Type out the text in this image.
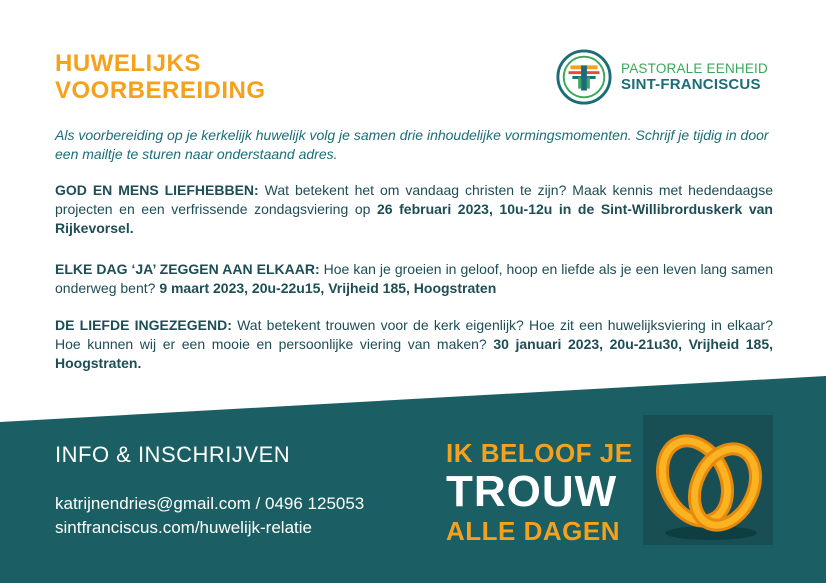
HUWELIJKS
VOORBEREIDING
PASTORALE EENHEID
SINT-FRANCISCUS

Als voorbereiding op je kerkelijk huwelijk volg je samen drie inhoudelijke vormingsmomenten. Schrijf je tijdig in door een mailtje te sturen naar onderstaand adres.

GOD EN MENS LIEFHEBBEN: Wat betekent het om vandaag christen te zijn? Maak kennis met hedendaagse projecten en een verfrissende zondagsviering op 26 februari 2023, 10u-12u in de Sint-Willibrorduskerk van Rijkevorsel.

ELKE DAG ‘JA’ ZEGGEN AAN ELKAAR: Hoe kan je groeien in geloof, hoop en liefde als je een leven lang samen onderweg bent? 9 maart 2023, 20u-22u15, Vrijheid 185, Hoogstraten

DE LIEFDE INGEZEGEND: Wat betekent trouwen voor de kerk eigenlijk? Hoe zit een huwelijksviering in elkaar? Hoe kunnen wij er een mooie en persoonlijke viering van maken? 30 januari 2023, 20u-21u30, Vrijheid 185, Hoogstraten.

INFO & INSCHRIJVEN
katrijnendries@gmail.com / 0496 125053
sintfranciscus.com/huwelijk-relatie
IK BELOOF JE
TROUW
ALLE DAGEN
